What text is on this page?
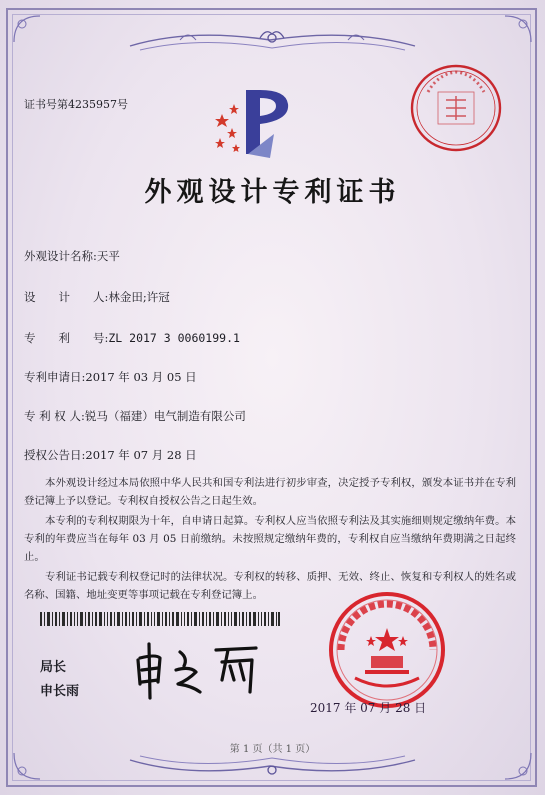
证书号第4235957号
外观设计专利证书
外观设计名称:天平
设　　计　　人:林金田;许冠
专　　利　　号:ZL 2017 3 0060199.1
专利申请日:2017 年 03 月 05 日
专 利 权 人:锐马（福建）电气制造有限公司
授权公告日:2017 年 07 月 28 日

本外观设计经过本局依照中华人民共和国专利法进行初步审查，决定授予专利权，颁发本证书并在专利登记簿上予以登记。专利权自授权公告之日起生效。

本专利的专利权期限为十年，自申请日起算。专利权人应当依照专利法及其实施细则规定缴纳年费。本专利的年费应当在每年 03 月 05 日前缴纳。未按照规定缴纳年费的，专利权自应当缴纳年费期满之日起终止。

专利证书记载专利权登记时的法律状况。专利权的转移、质押、无效、终止、恢复和专利权人的姓名或名称、国籍、地址变更等事项记载在专利登记簿上。

局长
申长雨
2017 年 07 月 28 日
第 1 页（共 1 页）
